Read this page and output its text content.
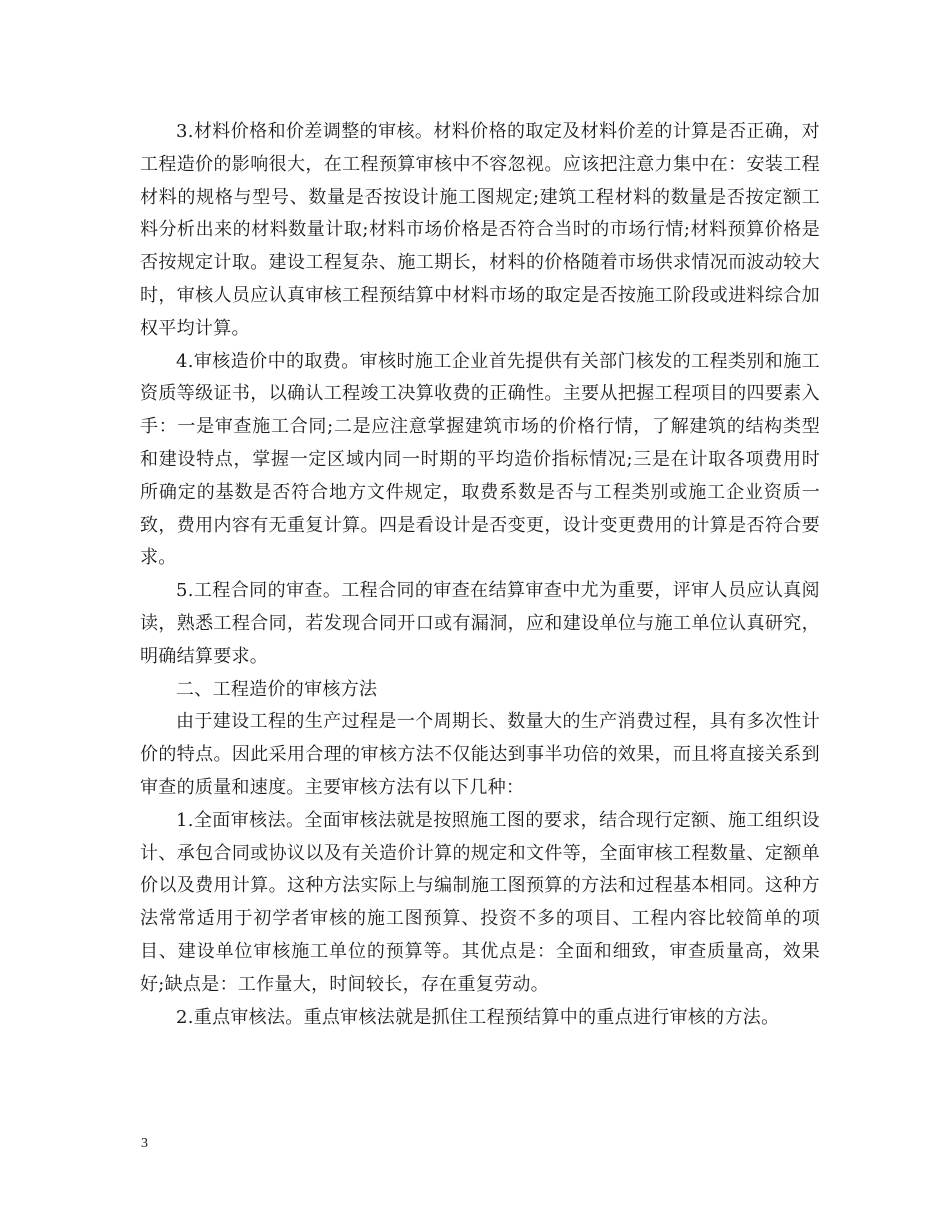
3.材料价格和价差调整的审核。材料价格的取定及材料价差的计算是否正确，对工程造价的影响很大，在工程预算审核中不容忽视。应该把注意力集中在：安装工程材料的规格与型号、数量是否按设计施工图规定;建筑工程材料的数量是否按定额工料分析出来的材料数量计取;材料市场价格是否符合当时的市场行情;材料预算价格是否按规定计取。建设工程复杂、施工期长，材料的价格随着市场供求情况而波动较大时，审核人员应认真审核工程预结算中材料市场的取定是否按施工阶段或进料综合加权平均计算。

4.审核造价中的取费。审核时施工企业首先提供有关部门核发的工程类别和施工资质等级证书，以确认工程竣工决算收费的正确性。主要从把握工程项目的四要素入手：一是审查施工合同;二是应注意掌握建筑市场的价格行情，了解建筑的结构类型和建设特点，掌握一定区域内同一时期的平均造价指标情况;三是在计取各项费用时所确定的基数是否符合地方文件规定，取费系数是否与工程类别或施工企业资质一致，费用内容有无重复计算。四是看设计是否变更，设计变更费用的计算是否符合要求。

5.工程合同的审查。工程合同的审查在结算审查中尤为重要，评审人员应认真阅读，熟悉工程合同，若发现合同开口或有漏洞，应和建设单位与施工单位认真研究，明确结算要求。

二、工程造价的审核方法

由于建设工程的生产过程是一个周期长、数量大的生产消费过程，具有多次性计价的特点。因此采用合理的审核方法不仅能达到事半功倍的效果，而且将直接关系到审查的质量和速度。主要审核方法有以下几种：

1.全面审核法。全面审核法就是按照施工图的要求，结合现行定额、施工组织设计、承包合同或协议以及有关造价计算的规定和文件等，全面审核工程数量、定额单价以及费用计算。这种方法实际上与编制施工图预算的方法和过程基本相同。这种方法常常适用于初学者审核的施工图预算、投资不多的项目、工程内容比较简单的项目、建设单位审核施工单位的预算等。其优点是：全面和细致，审查质量高，效果好;缺点是：工作量大，时间较长，存在重复劳动。

2.重点审核法。重点审核法就是抓住工程预结算中的重点进行审核的方法。

3
